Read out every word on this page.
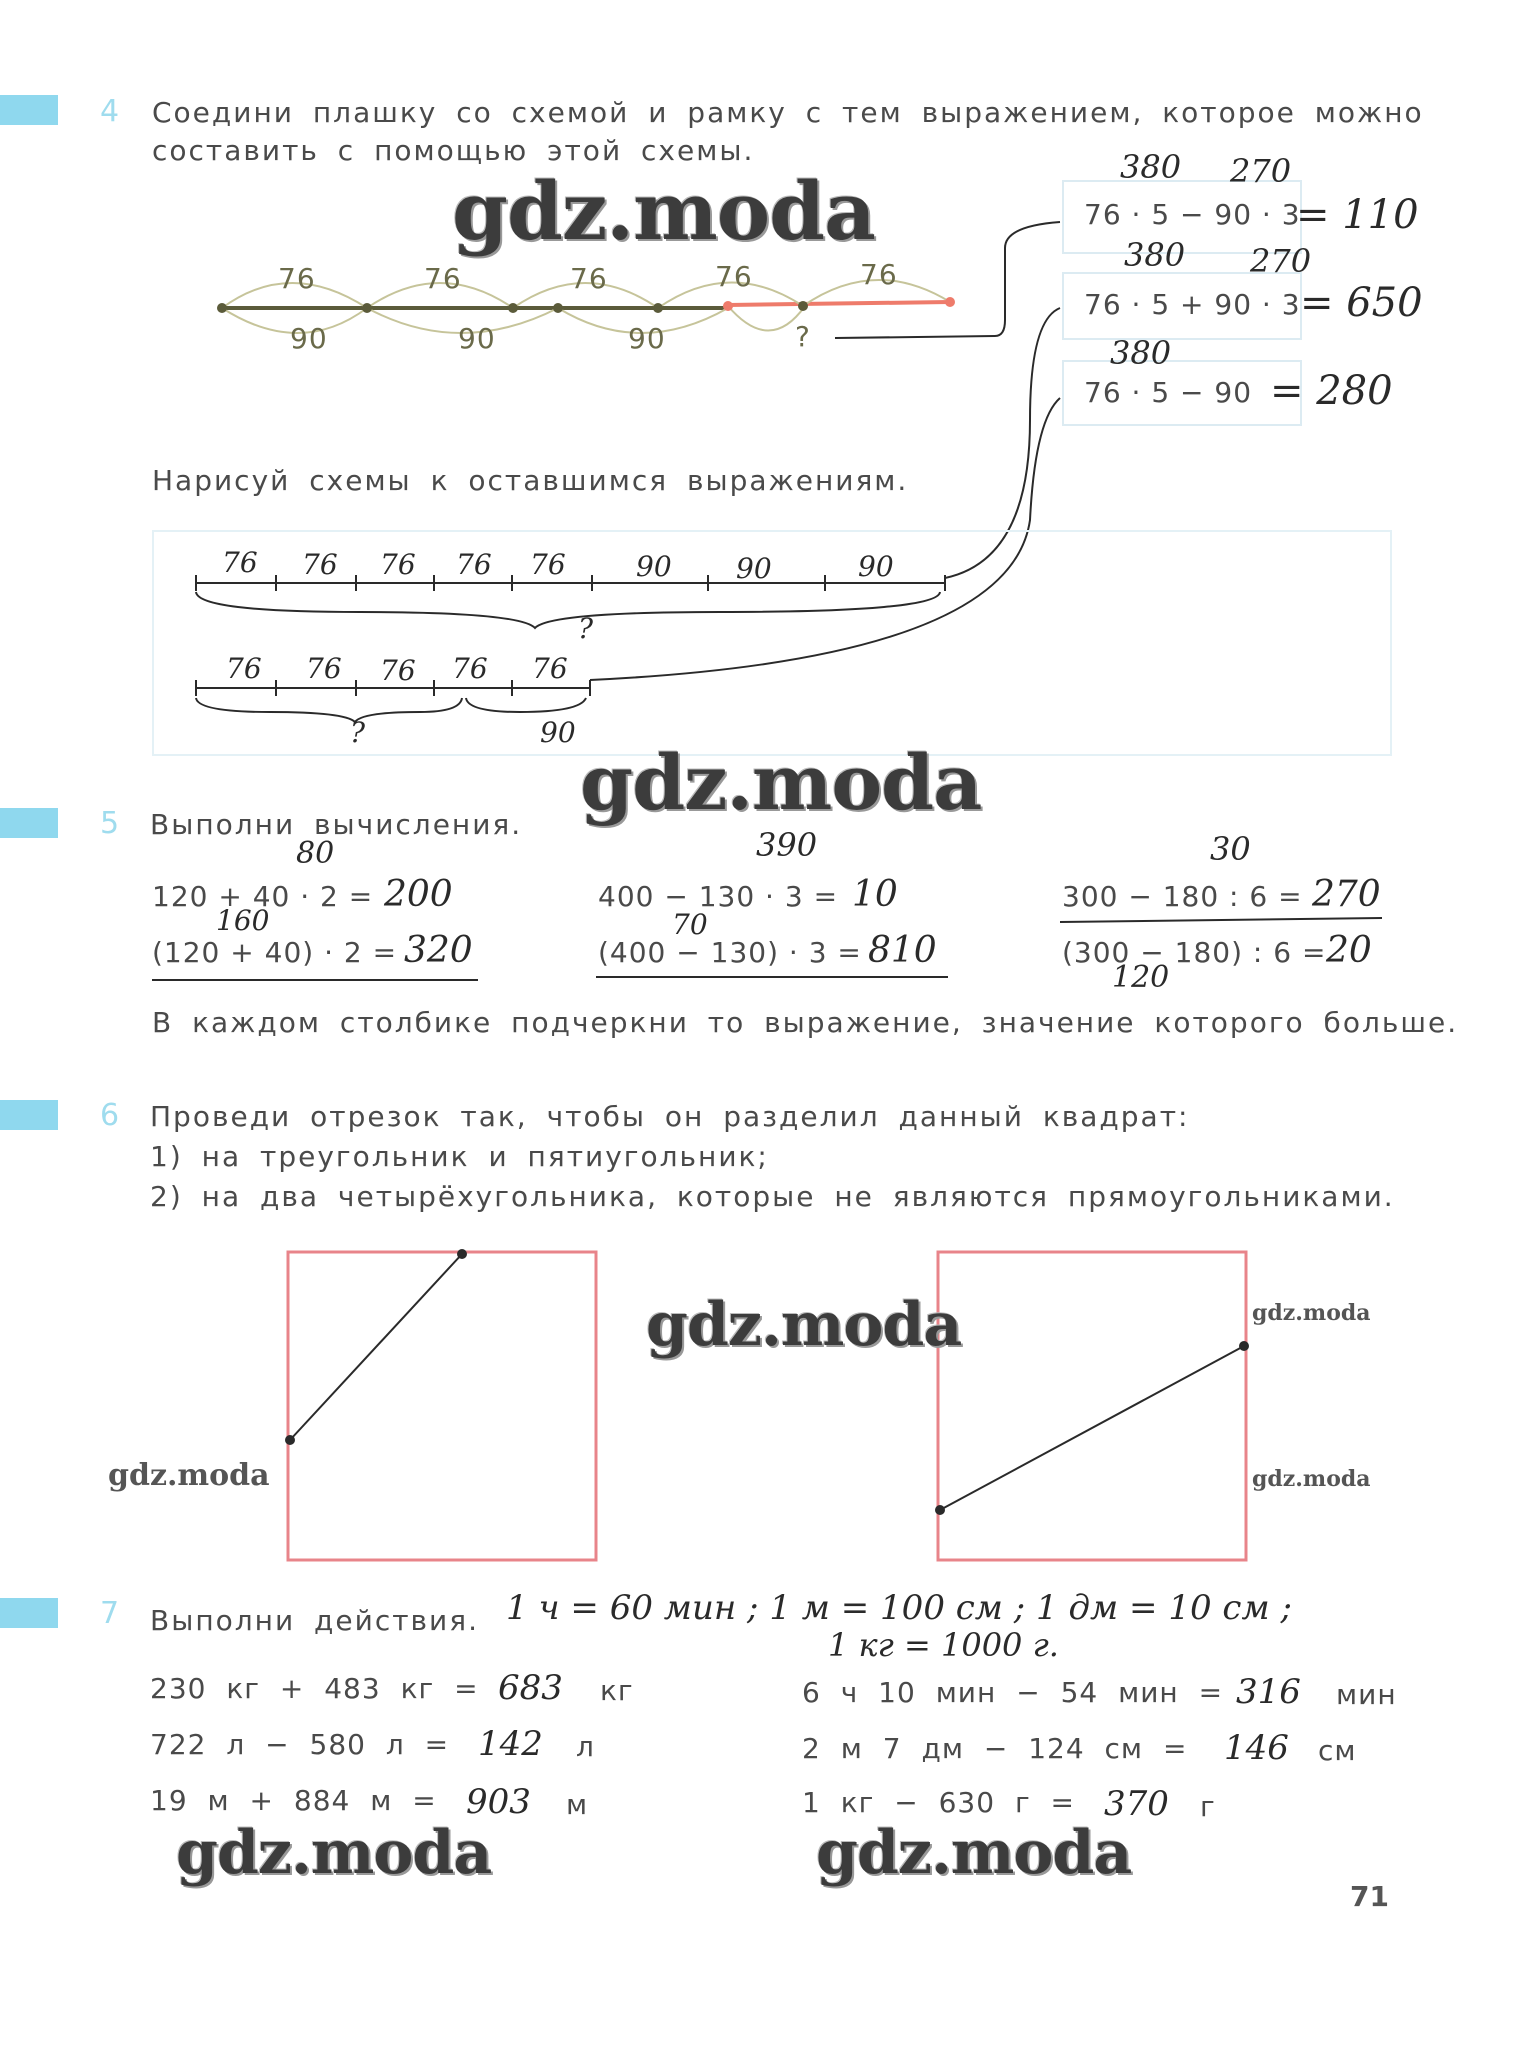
4 Соедини плашку со схемой и рамку с тем выражением, которое можно
составить с помощью этой схемы.
gdz.moda
76	76	76	76	76
90	90	90	?
380 270
76 · 5 − 90 · 3
= 110
380 270
76 · 5 + 90 · 3 = 650
380
76 · 5 − 90 = 280
Нарисуй схемы к оставшимся выражениям.
76 76 76 76 76	90 90	90
?
76 76 76 76 76
?	90
gdz.moda
5 Выполни вычисления.
80
120 + 40 · 2 = 200
160
(120 + 40) · 2 = 320
390
400 − 130 · 3 = 10
70
(400 − 130) · 3 = 810
30
300 − 180 : 6 = 270
(300 − 180) : 6 = 20
120
В каждом столбике подчеркни то выражение, значение которого больше.
6 Проведи отрезок так, чтобы он разделил данный квадрат:
1) на треугольник и пятиугольник;
2) на два четырёхугольника, которые не являются прямоугольниками.
gdz.moda
gdz.moda
gdz.moda
gdz.moda
7 Выполни действия. 1 ч = 60 мин ; 1 м = 100 см ; 1 дм = 10 см ;
1 кг = 1000 г.
230 кг + 483 кг = 683 кг
722 л − 580 л = 142 л
19 м + 884 м = 903 м
6 ч 10 мин − 54 мин = 316 мин
2 м 7 дм − 124 см = 146 см
1 кг − 630 г = 370 г
gdz.moda	gdz.moda
71
